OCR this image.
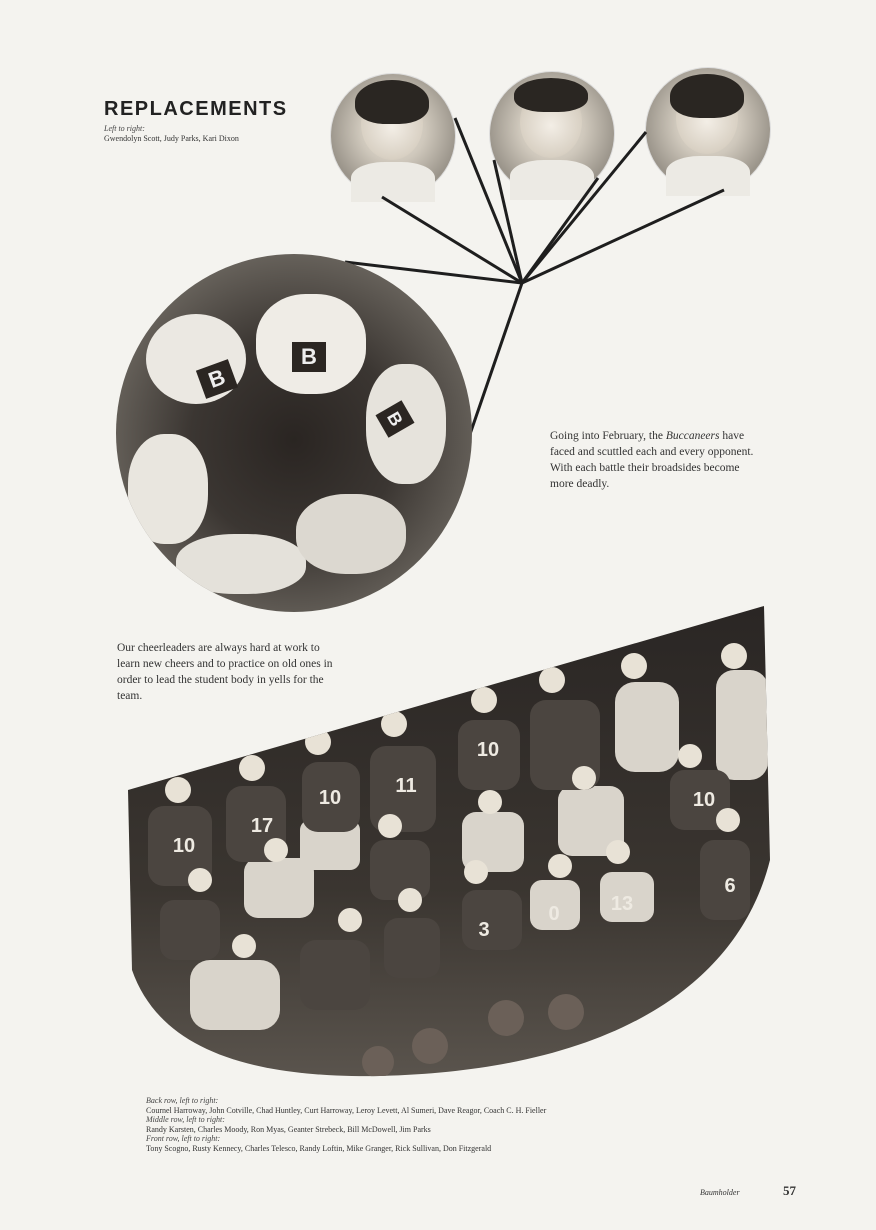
REPLACEMENTS
Left to right:
Gwendolyn Scott, Judy Parks, Kari Dixon
B
B
B
Going into February, the Buccaneers have faced and scuttled each and every opponent. With each battle their broadsides become more deadly.
Our cheerleaders are always hard at work to learn new cheers and to practice on old ones in order to lead the student body in yells for the team.
10
17
10
11
10
10
3
0	13
6
Back row, left to right:
Cournel Harroway, John Cotville, Chad Huntley, Curt Harroway, Leroy Levett, Al Sumeri, Dave Reagor, Coach C. H. Fieller
Middle row, left to right:
Randy Karsten, Charles Moody, Ron Myas, Geanter Strebeck, Bill McDowell, Jim Parks
Front row, left to right:
Tony Scogno, Rusty Kennecy, Charles Telesco, Randy Loftin, Mike Granger, Rick Sullivan, Don Fitzgerald
Baumholder	57
